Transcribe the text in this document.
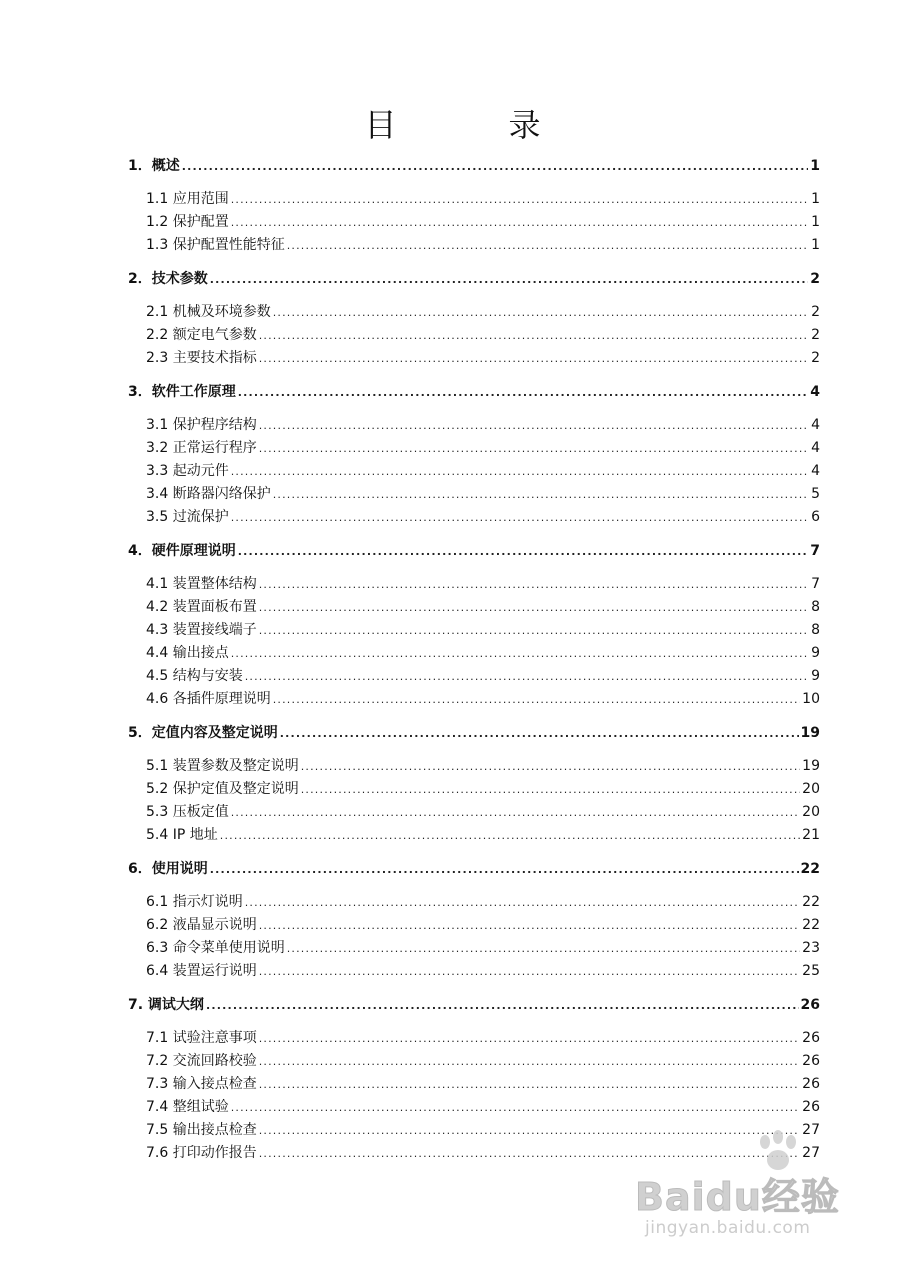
目　录
1．概述 .....	1
1.1 应用范围 .....	1
1.2 保护配置 .....	1
1.3 保护配置性能特征 .....	1
2．技术参数 .....	2
2.1 机械及环境参数 .....	2
2.2 额定电气参数 .....	2
2.3 主要技术指标 .....	2
3．软件工作原理 .....	4
3.1 保护程序结构 .....	4
3.2 正常运行程序 .....	4
3.3 起动元件 .....	4
3.4 断路器闪络保护 .....	5
3.5 过流保护 .....	6
4．硬件原理说明 .....	7
4.1 装置整体结构 .....	7
4.2 装置面板布置 .....	8
4.3 装置接线端子 .....	8
4.4 输出接点 .....	9
4.5 结构与安装 .....	9
4.6 各插件原理说明 .....	10
5．定值内容及整定说明 .....	19
5.1 装置参数及整定说明 .....	19
5.2 保护定值及整定说明 .....	20
5.3 压板定值 .....	20
5.4 IP 地址 .....	21
6．使用说明 .....	22
6.1 指示灯说明 .....	22
6.2 液晶显示说明 .....	22
6.3 命令菜单使用说明 .....	23
6.4 装置运行说明 .....	25
7. 调试大纲 .....	26
7.1 试验注意事项 .....	26
7.2 交流回路校验 .....	26
7.3 输入接点检查 .....	26
7.4 整组试验 .....	26
7.5 输出接点检查 .....	27
7.6 打印动作报告 .....	27
Baidu经验
jingyan.baidu.com
